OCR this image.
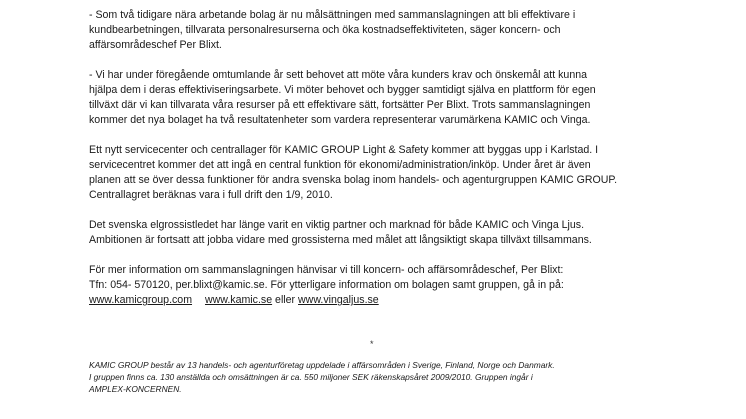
- Som två tidigare nära arbetande bolag är nu målsättningen med sammanslagningen att bli effektivare i
kundbearbetningen, tillvarata personalresurserna och öka kostnadseffektiviteten, säger koncern- och
affärsområdeschef Per Blixt.

- Vi har under föregående omtumlande år sett behovet att möte våra kunders krav och önskemål att kunna
hjälpa dem i deras effektiviseringsarbete. Vi möter behovet och bygger samtidigt själva en plattform för egen
tillväxt där vi kan tillvarata våra resurser på ett effektivare sätt, fortsätter Per Blixt. Trots sammanslagningen
kommer det nya bolaget ha två resultatenheter som vardera representerar varumärkena KAMIC och Vinga.

Ett nytt servicecenter och centrallager för KAMIC GROUP Light & Safety kommer att byggas upp i Karlstad. I
servicecentret kommer det att ingå en central funktion för ekonomi/administration/inköp. Under året är även
planen att se över dessa funktioner för andra svenska bolag inom handels- och agenturgruppen KAMIC GROUP.
Centrallagret beräknas vara i full drift den 1/9, 2010.

Det svenska elgrossistledet har länge varit en viktig partner och marknad för både KAMIC och Vinga Ljus.
Ambitionen är fortsatt att jobba vidare med grossisterna med målet att långsiktigt skapa tillväxt tillsammans.

För mer information om sammanslagningen hänvisar vi till koncern- och affärsområdeschef, Per Blixt:
Tfn: 054- 570120, per.blixt@kamic.se. För ytterligare information om bolagen samt gruppen, gå in på:
www.kamicgroup.com www.kamic.se eller www.vingaljus.se

*
KAMIC GROUP består av 13 handels- och agenturföretag uppdelade i affärsområden i Sverige, Finland, Norge och Danmark.
I gruppen finns ca. 130 anställda och omsättningen är ca. 550 miljoner SEK räkenskapsåret 2009/2010. Gruppen ingår i
AMPLEX-KONCERNEN.
